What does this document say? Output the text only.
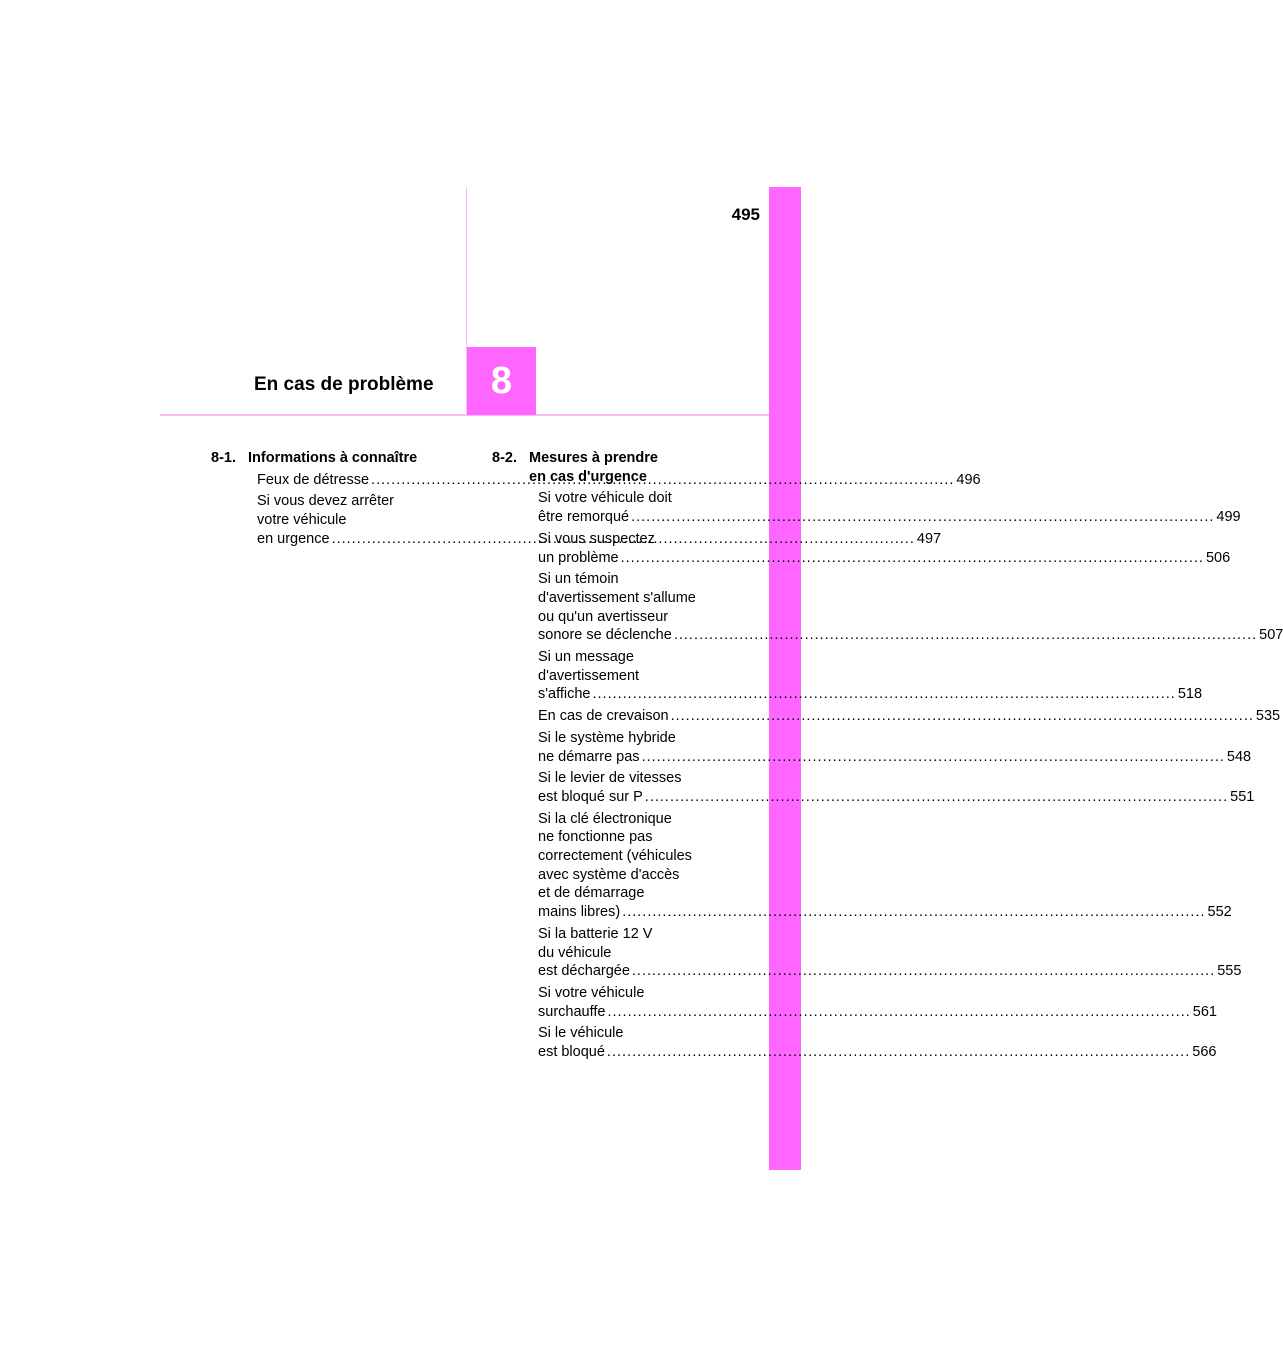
495
8
En cas de problème
8-1. Informations à connaître
Feux de détresse .....	496
Si vous devez arrêter
votre véhicule
en urgence .....	497
8-2. Mesures à prendre
en cas d'urgence
Si votre véhicule doit
être remorqué .....	499
Si vous suspectez
un problème .....	506
Si un témoin
d'avertissement s'allume
ou qu'un avertisseur
sonore se déclenche .....	507
Si un message
d'avertissement
s'affiche .....	518
En cas de crevaison .....	535
Si le système hybride
ne démarre pas .....	548
Si le levier de vitesses
est bloqué sur P .....	551
Si la clé électronique
ne fonctionne pas
correctement (véhicules
avec système d'accès
et de démarrage
mains libres) .....	552
Si la batterie 12 V
du véhicule
est déchargée .....	555
Si votre véhicule
surchauffe .....	561
Si le véhicule
est bloqué .....	566
